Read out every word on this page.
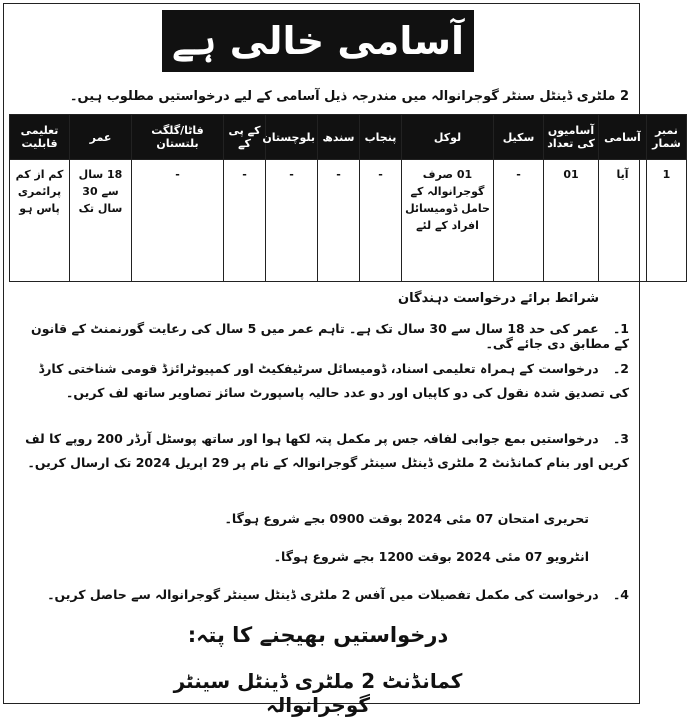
آسامی خالی ہے
2 ملٹری ڈینٹل سنٹر گوجرانوالہ میں مندرجہ ذیل آسامی کے لیے درخواستیں مطلوب ہیں۔
نمبر شمار	آسامی	آسامیوں کی تعداد	سکیل	لوکل	پنجاب	سندھ	بلوچستان	کے پی کے	فاٹا/گلگت بلتستان	عمر	تعلیمی قابلیت
1	آیا	01	-	01 صرف گوجرانوالہ کے حامل ڈومیسائل افراد کے لئے	-	-	-	-	-	18 سال سے 30 سال تک	کم از کم پرائمری پاس ہو
شرائط برائے درخواست دہندگان
1۔ عمر کی حد 18 سال سے 30 سال تک ہے۔ تاہم عمر میں 5 سال کی رعایت گورنمنٹ کے قانون کے مطابق دی جائے گی۔
2۔ درخواست کے ہمراہ تعلیمی اسناد، ڈومیسائل سرٹیفکیٹ اور کمپیوٹرائزڈ قومی شناختی کارڈ کی تصدیق شدہ نقول کی دو کاپیاں اور دو عدد حالیہ پاسپورٹ سائز تصاویر ساتھ لف کریں۔
3۔ درخواستیں بمع جوابی لفافہ جس پر مکمل پتہ لکھا ہوا اور ساتھ پوسٹل آرڈر 200 روپے کا لف کریں اور بنام کمانڈنٹ 2 ملٹری ڈینٹل سینٹر گوجرانوالہ کے نام پر 29 اپریل 2024 تک ارسال کریں۔
تحریری امتحان 07 مئی 2024 بوقت 0900 بجے شروع ہوگا۔
انٹرویو 07 مئی 2024 بوقت 1200 بجے شروع ہوگا۔
4۔ درخواست کی مکمل تفصیلات میں آفس 2 ملٹری ڈینٹل سینٹر گوجرانوالہ سے حاصل کریں۔
درخواستیں بھیجنے کا پتہ:
کمانڈنٹ 2 ملٹری ڈینٹل سینٹر گوجرانوالہ
